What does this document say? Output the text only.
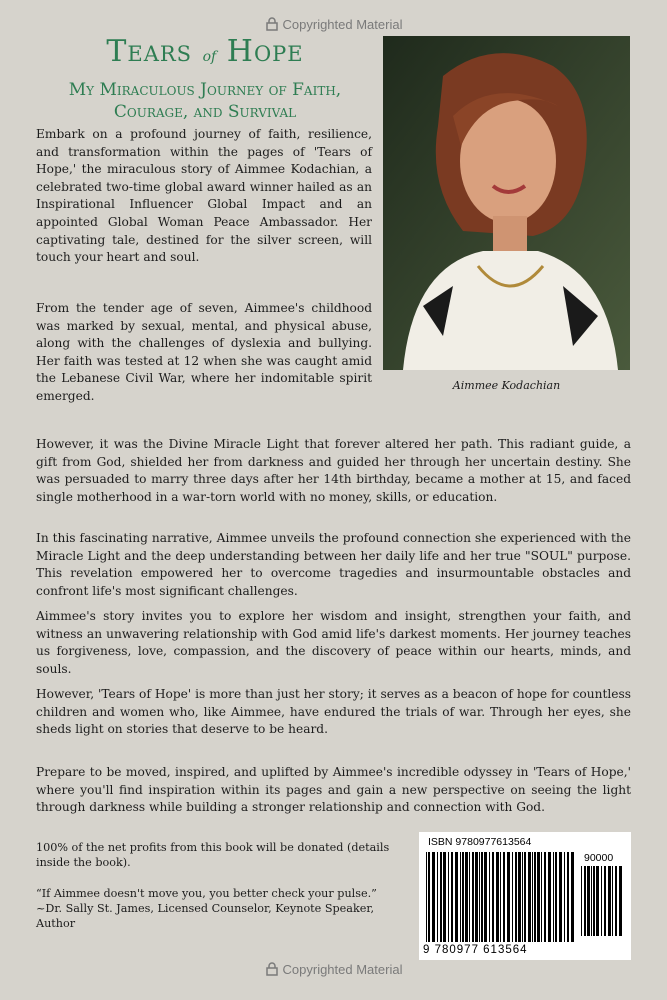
Copyrighted Material
Tears of Hope
My Miraculous Journey of Faith,
Courage, and Survival
Aimmee Kodachian

Embark on a profound journey of faith, resilience, and transformation within the pages of 'Tears of Hope,' the miraculous story of Aimmee Kodachian, a celebrated two-time global award winner hailed as an Inspirational Influencer Global Impact and an appointed Global Woman Peace Ambassador. Her captivating tale, destined for the silver screen, will touch your heart and soul.

From the tender age of seven, Aimmee's childhood was marked by sexual, mental, and physical abuse, along with the challenges of dyslexia and bullying. Her faith was tested at 12 when she was caught amid the Lebanese Civil War, where her indomitable spirit emerged.

However, it was the Divine Miracle Light that forever altered her path. This radiant guide, a gift from God, shielded her from darkness and guided her through her uncertain destiny. She was persuaded to marry three days after her 14th birthday, became a mother at 15, and faced single motherhood in a war-torn world with no money, skills, or education.

In this fascinating narrative, Aimmee unveils the profound connection she experienced with the Miracle Light and the deep understanding between her daily life and her true "SOUL" purpose. This revelation empowered her to overcome tragedies and insurmountable obstacles and confront life's most significant challenges.

Aimmee's story invites you to explore her wisdom and insight, strengthen your faith, and witness an unwavering relationship with God amid life's darkest moments. Her journey teaches us forgiveness, love, compassion, and the discovery of peace within our hearts, minds, and souls.

However, 'Tears of Hope' is more than just her story; it serves as a beacon of hope for countless children and women who, like Aimmee, have endured the trials of war. Through her eyes, she sheds light on stories that deserve to be heard.

Prepare to be moved, inspired, and uplifted by Aimmee's incredible odyssey in 'Tears of Hope,' where you'll find inspiration within its pages and gain a new perspective on seeing the light through darkness while building a stronger relationship and connection with God.

100% of the net profits from this book will be donated (details inside the book).

“If Aimmee doesn't move you, you better check your pulse.”
~Dr. Sally St. James, Licensed Counselor, Keynote Speaker, Author
ISBN 9780977613564
90000
9 780977 613564
Copyrighted Material
